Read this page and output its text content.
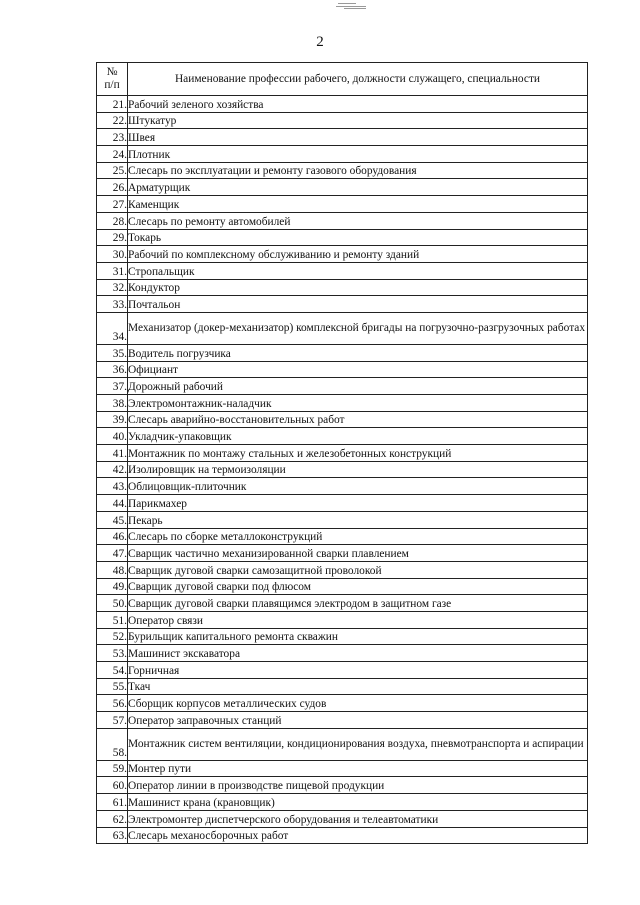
2
№
п/п	Наименование профессии рабочего, должности служащего, специальности
21.	Рабочий зеленого хозяйства
22.	Штукатур
23.	Швея
24.	Плотник
25.	Слесарь по эксплуатации и ремонту газового оборудования
26.	Арматурщик
27.	Каменщик
28.	Слесарь по ремонту автомобилей
29.	Токарь
30.	Рабочий по комплексному обслуживанию и ремонту зданий
31.	Стропальщик
32.	Кондуктор
33.	Почтальон
34.	Механизатор (докер-механизатор) комплексной бригады на погрузочно-разгрузочных работах
35.	Водитель погрузчика
36.	Официант
37.	Дорожный рабочий
38.	Электромонтажник-наладчик
39.	Слесарь аварийно-восстановительных работ
40.	Укладчик-упаковщик
41.	Монтажник по монтажу стальных и железобетонных конструкций
42.	Изолировщик на термоизоляции
43.	Облицовщик-плиточник
44.	Парикмахер
45.	Пекарь
46.	Слесарь по сборке металлоконструкций
47.	Сварщик частично механизированной сварки плавлением
48.	Сварщик дуговой сварки самозащитной проволокой
49.	Сварщик дуговой сварки под флюсом
50.	Сварщик дуговой сварки плавящимся электродом в защитном газе
51.	Оператор связи
52.	Бурильщик капитального ремонта скважин
53.	Машинист экскаватора
54.	Горничная
55.	Ткач
56.	Сборщик корпусов металлических судов
57.	Оператор заправочных станций
58.	Монтажник систем вентиляции, кондиционирования воздуха, пневмотранспорта и аспирации
59.	Монтер пути
60.	Оператор линии в производстве пищевой продукции
61.	Машинист крана (крановщик)
62.	Электромонтер диспетчерского оборудования и телеавтоматики
63.	Слесарь механосборочных работ
